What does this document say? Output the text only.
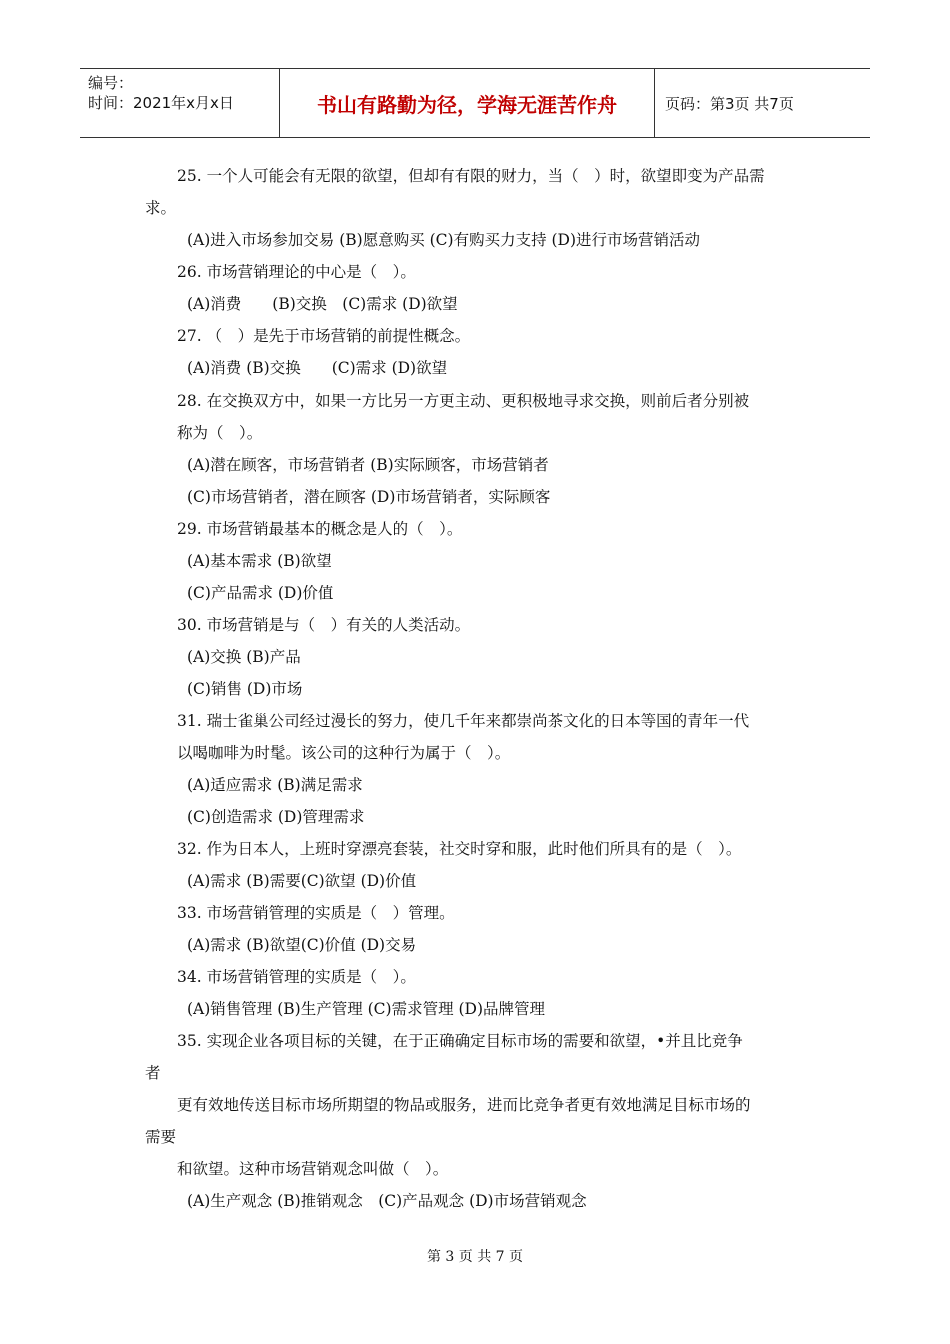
编号：
时间：2021年x月x日	书山有路勤为径，学海无涯苦作舟	页码：第3页 共7页
25. 一个人可能会有无限的欲望，但却有有限的财力，当（　）时，欲望即变为产品需
求。
(A)进入市场参加交易 (B)愿意购买 (C)有购买力支持 (D)进行市场营销活动
26. 市场营销理论的中心是（　）。
(A)消费　　(B)交换　(C)需求 (D)欲望
27. （　）是先于市场营销的前提性概念。
(A)消费 (B)交换　　(C)需求 (D)欲望
28. 在交换双方中，如果一方比另一方更主动、更积极地寻求交换，则前后者分别被
称为（　）。
(A)潜在顾客，市场营销者 (B)实际顾客，市场营销者
(C)市场营销者，潜在顾客 (D)市场营销者，实际顾客
29. 市场营销最基本的概念是人的（　）。
(A)基本需求 (B)欲望
(C)产品需求 (D)价值
30. 市场营销是与（　）有关的人类活动。
(A)交换 (B)产品
(C)销售 (D)市场
31. 瑞士雀巢公司经过漫长的努力，使几千年来都崇尚茶文化的日本等国的青年一代
以喝咖啡为时髦。该公司的这种行为属于（　）。
(A)适应需求 (B)满足需求
(C)创造需求 (D)管理需求
32. 作为日本人，上班时穿漂亮套装，社交时穿和服，此时他们所具有的是（　）。
(A)需求 (B)需要(C)欲望 (D)价值
33. 市场营销管理的实质是（　）管理。
(A)需求 (B)欲望(C)价值 (D)交易
34. 市场营销管理的实质是（　）。
(A)销售管理 (B)生产管理 (C)需求管理 (D)品牌管理
35. 实现企业各项目标的关键，在于正确确定目标市场的需要和欲望，•并且比竞争
者
更有效地传送目标市场所期望的物品或服务，进而比竞争者更有效地满足目标市场的
需要
和欲望。这种市场营销观念叫做（　）。
(A)生产观念 (B)推销观念　(C)产品观念 (D)市场营销观念
第 3 页 共 7 页
